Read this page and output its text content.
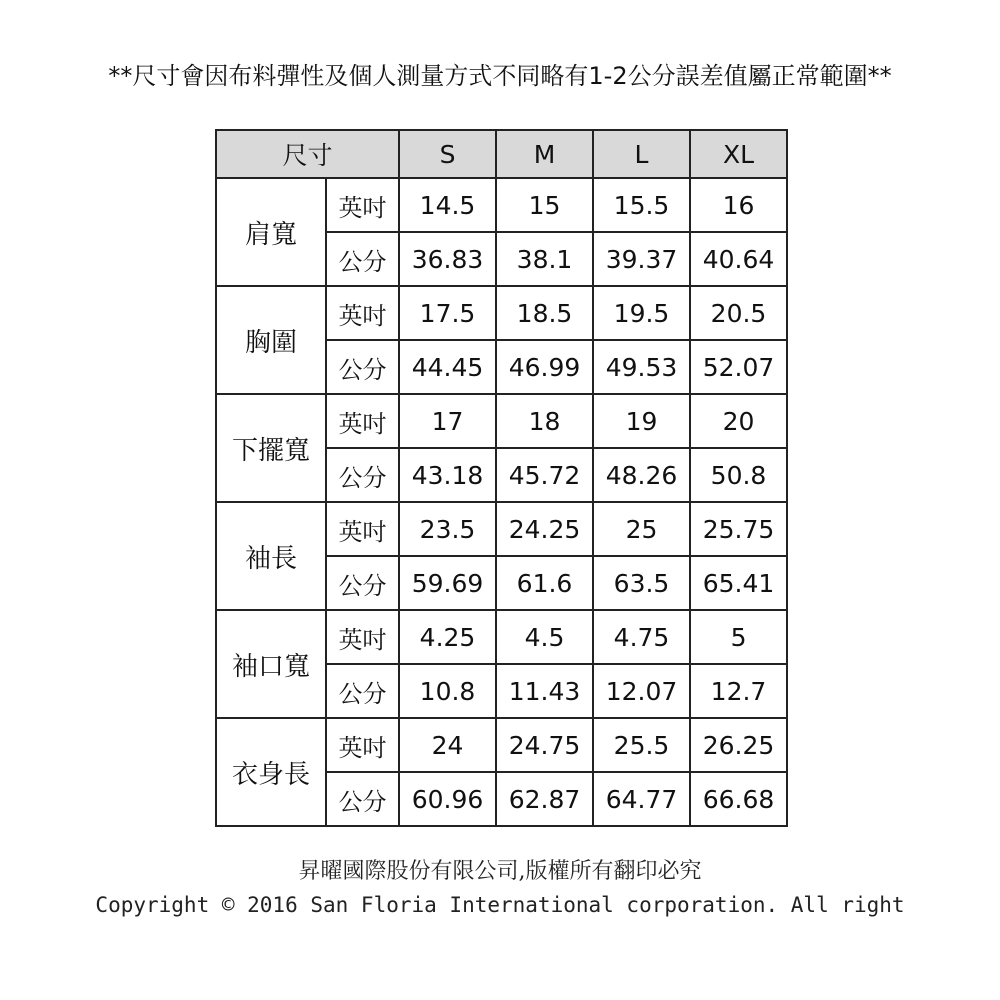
**尺寸會因布料彈性及個人測量方式不同略有1-2公分誤差值屬正常範圍**
尺寸		S	M	L	XL
肩寬	英吋	14.5	15	15.5	16
	公分	36.83	38.1	39.37	40.64
胸圍	英吋	17.5	18.5	19.5	20.5
	公分	44.45	46.99	49.53	52.07
下擺寬	英吋	17	18	19	20
	公分	43.18	45.72	48.26	50.8
袖長	英吋	23.5	24.25	25	25.75
	公分	59.69	61.6	63.5	65.41
袖口寬	英吋	4.25	4.5	4.75	5
	公分	10.8	11.43	12.07	12.7
衣身長	英吋	24	24.75	25.5	26.25
	公分	60.96	62.87	64.77	66.68
昇曜國際股份有限公司,版權所有翻印必究
Copyright © 2016 San Floria International corporation. All right
